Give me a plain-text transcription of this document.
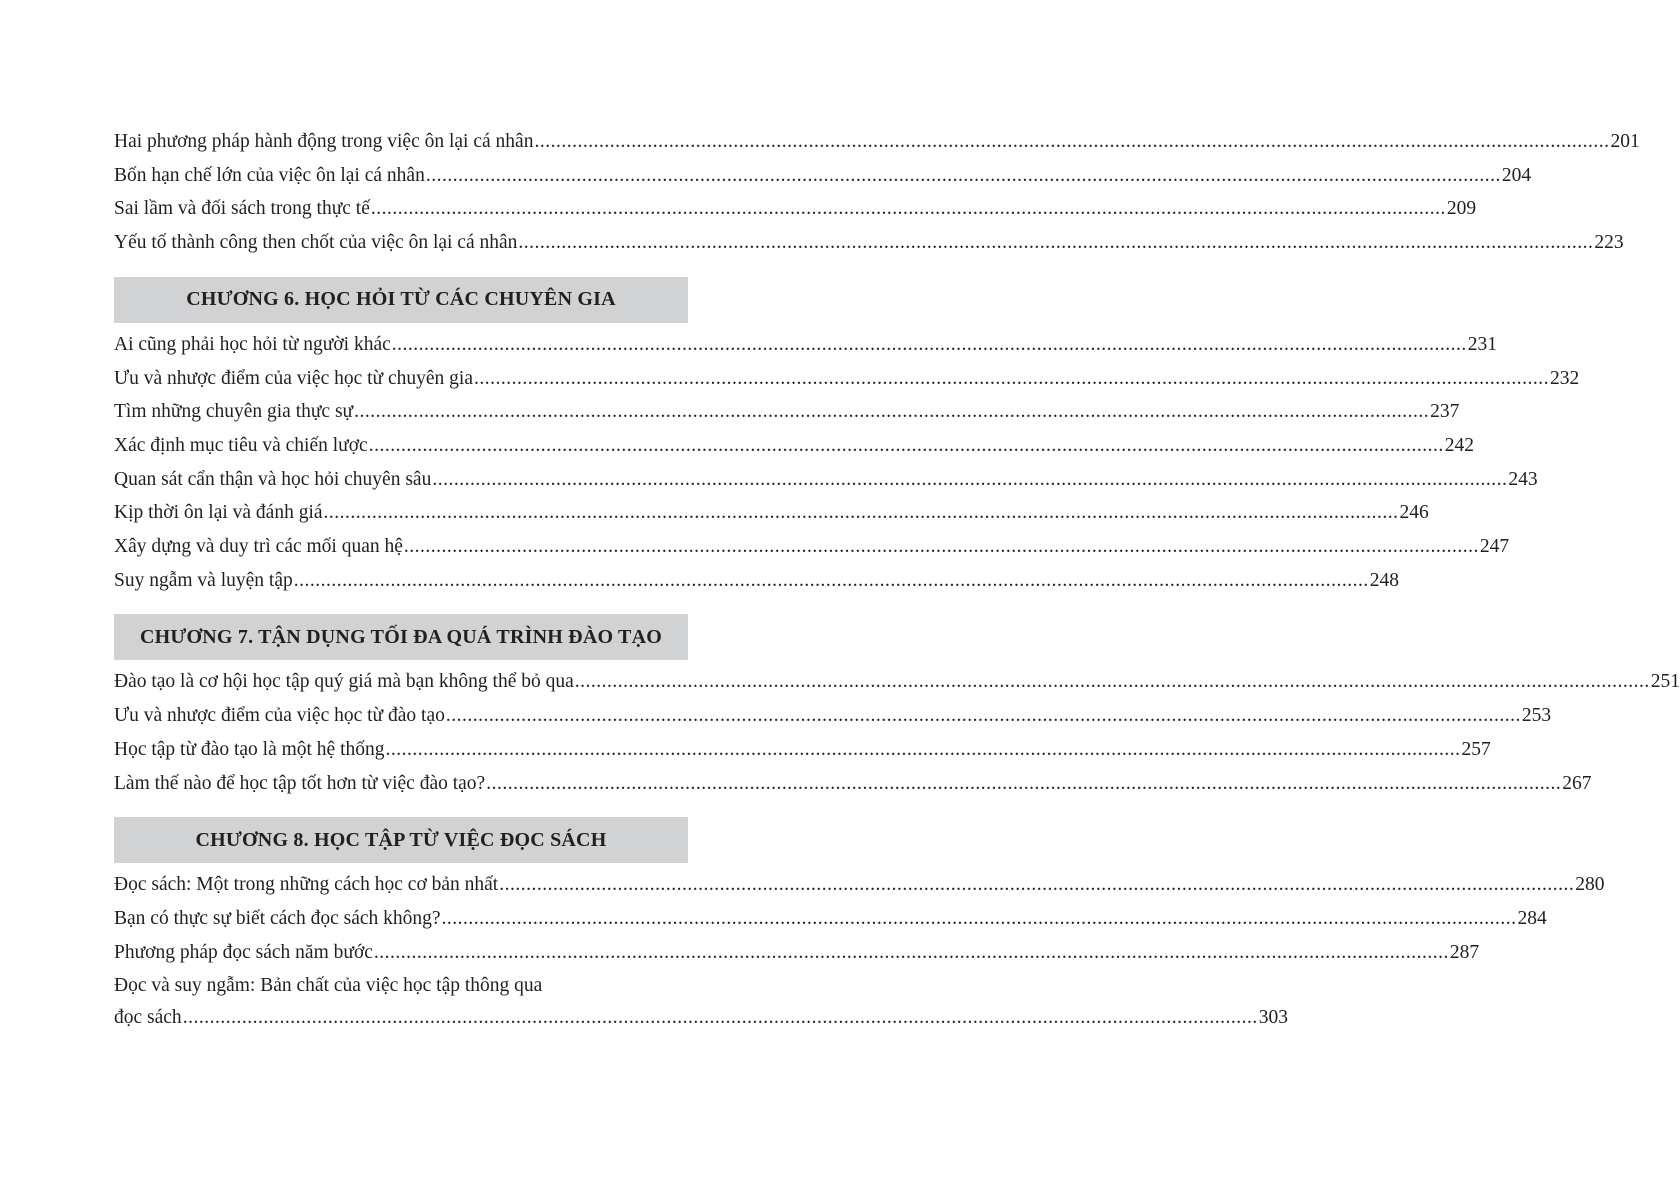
Hai phương pháp hành động trong việc ôn lại cá nhân ........................................................................................................................................................................................................ 201
Bốn hạn chế lớn của việc ôn lại cá nhân ........................................................................................................................................................................................................ 204
Sai lầm và đối sách trong thực tế ........................................................................................................................................................................................................ 209
Yếu tố thành công then chốt của việc ôn lại cá nhân ........................................................................................................................................................................................................ 223
CHƯƠNG 6. HỌC HỎI TỪ CÁC CHUYÊN GIA
Ai cũng phải học hỏi từ người khác ........................................................................................................................................................................................................ 231
Ưu và nhược điểm của việc học từ chuyên gia ........................................................................................................................................................................................................ 232
Tìm những chuyên gia thực sự ........................................................................................................................................................................................................ 237
Xác định mục tiêu và chiến lược ........................................................................................................................................................................................................ 242
Quan sát cẩn thận và học hỏi chuyên sâu ........................................................................................................................................................................................................ 243
Kịp thời ôn lại và đánh giá ........................................................................................................................................................................................................ 246
Xây dựng và duy trì các mối quan hệ ........................................................................................................................................................................................................ 247
Suy ngẫm và luyện tập ........................................................................................................................................................................................................ 248
CHƯƠNG 7. TẬN DỤNG TỐI ĐA QUÁ TRÌNH ĐÀO TẠO
Đào tạo là cơ hội học tập quý giá mà bạn không thể bỏ qua ........................................................................................................................................................................................................ 251
Ưu và nhược điểm của việc học từ đào tạo ........................................................................................................................................................................................................ 253
Học tập từ đào tạo là một hệ thống ........................................................................................................................................................................................................ 257
Làm thế nào để học tập tốt hơn từ việc đào tạo? ........................................................................................................................................................................................................ 267
CHƯƠNG 8. HỌC TẬP TỪ VIỆC ĐỌC SÁCH
Đọc sách: Một trong những cách học cơ bản nhất ........................................................................................................................................................................................................ 280
Bạn có thực sự biết cách đọc sách không? ........................................................................................................................................................................................................ 284
Phương pháp đọc sách năm bước ........................................................................................................................................................................................................ 287
Đọc và suy ngẫm: Bản chất của việc học tập thông qua
đọc sách ........................................................................................................................................................................................................ 303
